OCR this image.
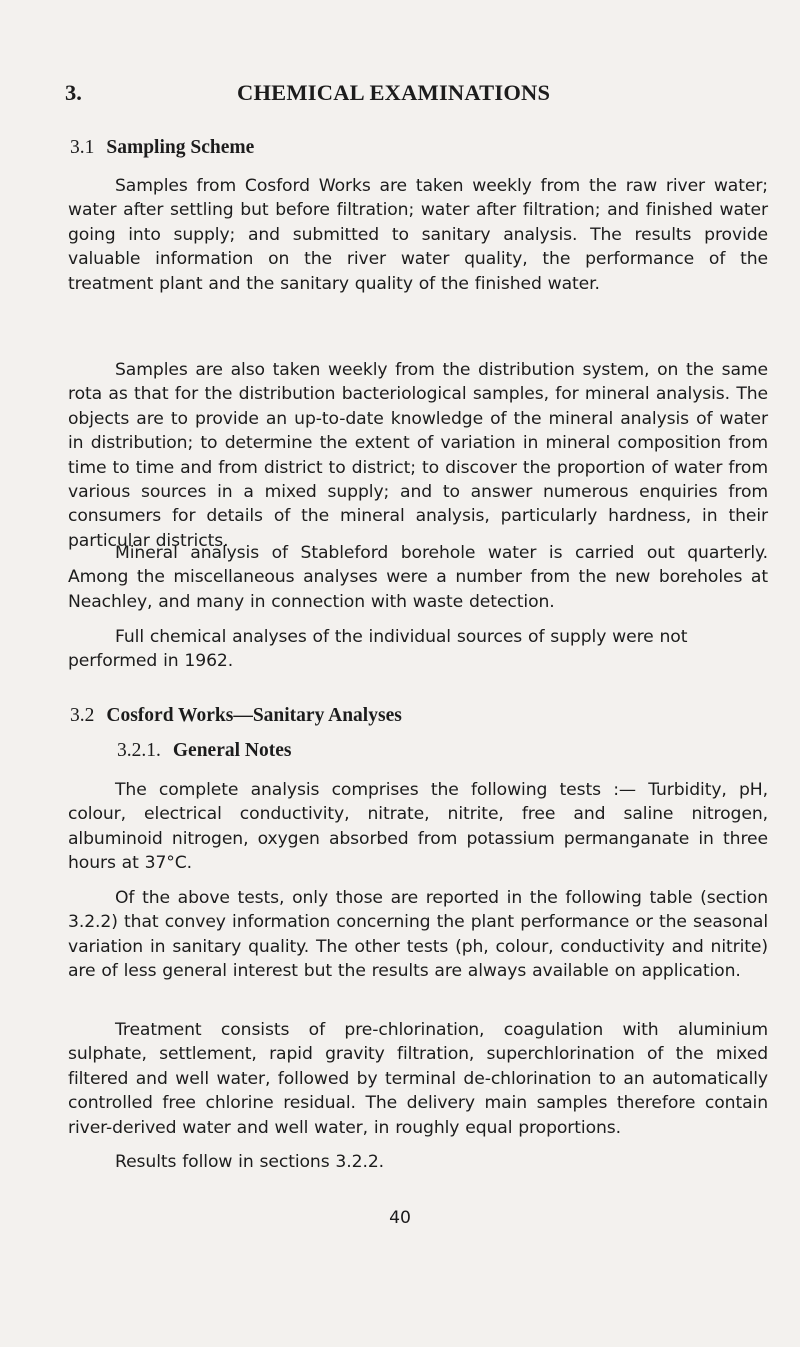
3.	CHEMICAL EXAMINATIONS
3.1 Sampling Scheme

Samples from Cosford Works are taken weekly from the raw river water; water after settling but before filtration; water after filtration; and finished water going into supply; and submitted to sanitary analysis. The results provide valuable information on the river water quality, the performance of the treatment plant and the sanitary quality of the finished water.

Samples are also taken weekly from the distribution system, on the same rota as that for the distribution bacteriological samples, for mineral analysis. The objects are to provide an up-to-date knowledge of the mineral analysis of water in distribution; to determine the extent of variation in mineral composition from time to time and from district to district; to discover the proportion of water from various sources in a mixed supply; and to answer numerous enquiries from consumers for details of the mineral analysis, particularly hardness, in their particular districts.

Mineral analysis of Stableford borehole water is carried out quarterly. Among the miscellaneous analyses were a number from the new boreholes at Neachley, and many in connection with waste detection.

Full chemical analyses of the individual sources of supply were not performed in 1962.

3.2 Cosford Works—Sanitary Analyses
3.2.1. General Notes

The complete analysis comprises the following tests :— Turbidity, pH, colour, electrical conductivity, nitrate, nitrite, free and saline nitrogen, albuminoid nitrogen, oxygen absorbed from potassium permanganate in three hours at 37°C.

Of the above tests, only those are reported in the following table (section 3.2.2) that convey information concerning the plant performance or the seasonal variation in sanitary quality. The other tests (ph, colour, conductivity and nitrite) are of less general interest but the results are always available on application.

Treatment consists of pre-chlorination, coagulation with aluminium sulphate, settlement, rapid gravity filtration, superchlorination of the mixed filtered and well water, followed by terminal de-chlorination to an automatically controlled free chlorine residual. The delivery main samples therefore contain river-derived water and well water, in roughly equal proportions.

Results follow in sections 3.2.2.

40
